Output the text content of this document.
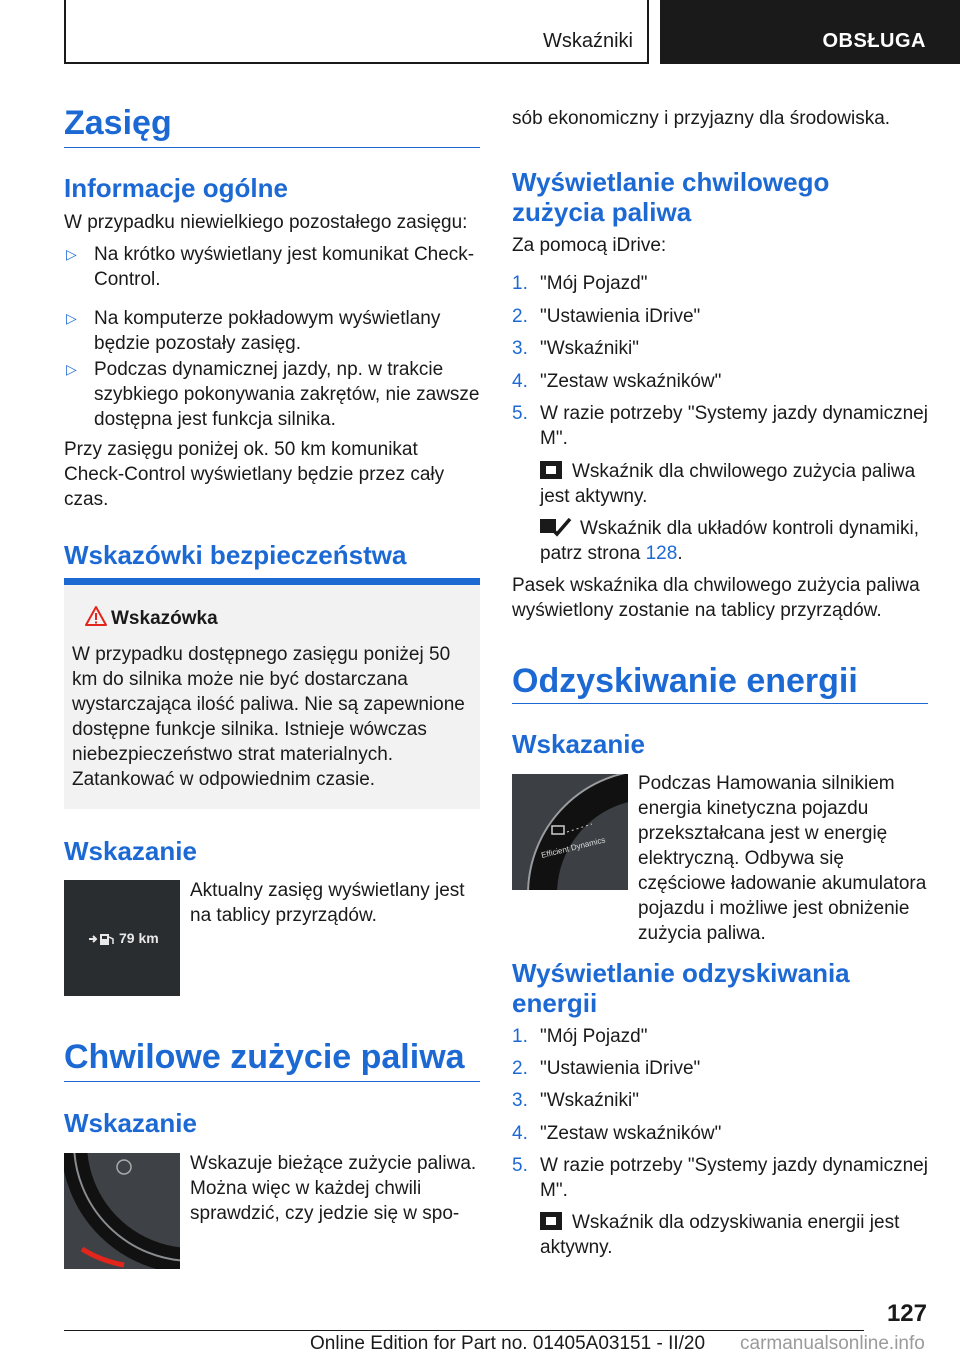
Wskaźniki	OBSŁUGA
Zasięg
Informacje ogólne
W przypadku niewielkiego pozostałego zasięgu:
▷ Na krótko wyświetlany jest komunikat Check-Control.
▷ Na komputerze pokładowym wyświetlany będzie pozostały zasięg.
▷ Podczas dynamicznej jazdy, np. w trakcie szybkiego pokonywania zakrętów, nie zawsze dostępna jest funkcja silnika.
Przy zasięgu poniżej ok. 50 km komunikat Check-Control wyświetlany będzie przez cały czas.
Wskazówki bezpieczeństwa
Wskazówka
W przypadku dostępnego zasięgu poniżej 50 km do silnika może nie być dostarczana wystarczająca ilość paliwa. Nie są zapewnione dostępne funkcje silnika. Istnieje wówczas niebezpieczeństwo strat materialnych. Zatankować w odpowiednim czasie.
Wskazanie
79 km
Aktualny zasięg wyświetlany jest na tablicy przyrządów.
Chwilowe zużycie paliwa
Wskazanie
Wskazuje bieżące zużycie paliwa. Można więc w każdej chwili sprawdzić, czy jedzie się w spo-
sób ekonomiczny i przyjazny dla środowiska.
Wyświetlanie chwilowego zużycia paliwa
Za pomocą iDrive:
1. "Mój Pojazd"
2. "Ustawienia iDrive"
3. "Wskaźniki"
4. "Zestaw wskaźników"
5. W razie potrzeby "Systemy jazdy dynamicznej M".
Wskaźnik dla chwilowego zużycia paliwa jest aktywny.
Wskaźnik dla układów kontroli dynamiki, patrz strona 128.
Pasek wskaźnika dla chwilowego zużycia paliwa wyświetlony zostanie na tablicy przyrządów.
Odzyskiwanie energii
Wskazanie
Efficient Dynamics
Podczas Hamowania silnikiem energia kinetyczna pojazdu przekształcana jest w energię elektryczną. Odbywa się częściowe ładowanie akumulatora pojazdu i możliwe jest obniżenie zużycia paliwa.
Wyświetlanie odzyskiwania energii
1. "Mój Pojazd"
2. "Ustawienia iDrive"
3. "Wskaźniki"
4. "Zestaw wskaźników"
5. W razie potrzeby "Systemy jazdy dynamicznej M".
Wskaźnik dla odzyskiwania energii jest aktywny.
127
Online Edition for Part no. 01405A03151 - II/20 carmanualsonline.info
